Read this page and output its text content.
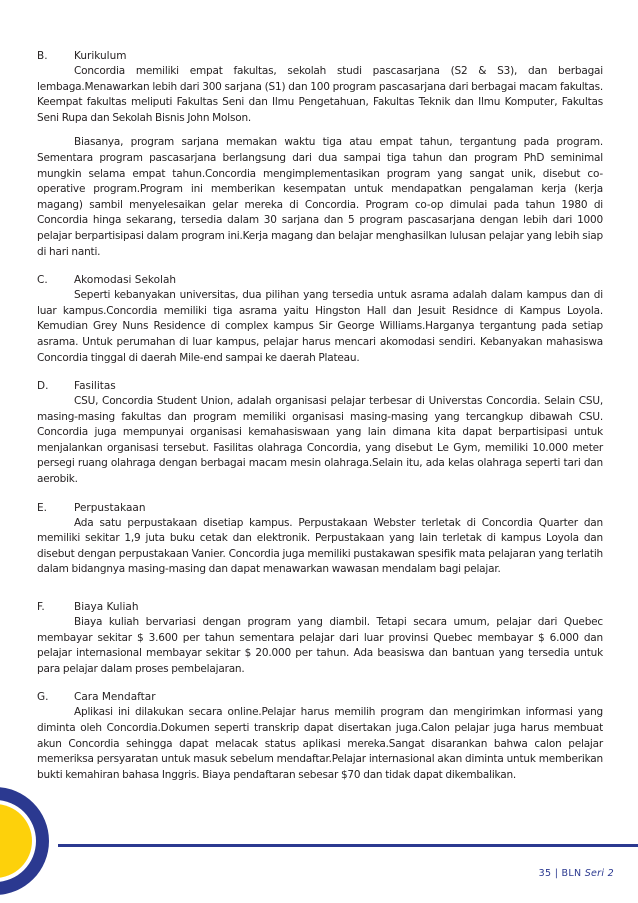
B.	Kurikulum

Concordia memiliki empat fakultas, sekolah studi pascasarjana (S2 & S3), dan berbagai lembaga.Menawarkan lebih dari 300 sarjana (S1) dan 100 program pascasarjana dari berbagai macam fakultas. Keempat fakultas meliputi Fakultas Seni dan Ilmu Pengetahuan, Fakultas Teknik dan Ilmu Komputer, Fakultas Seni Rupa dan Sekolah Bisnis John Molson.

Biasanya, program sarjana memakan waktu tiga atau empat tahun, tergantung pada program. Sementara program pascasarjana berlangsung dari dua sampai tiga tahun dan program PhD seminimal mungkin selama empat tahun.Concordia mengimplementasikan program yang sangat unik, disebut co-operative program.Program ini memberikan kesempatan untuk mendapatkan pengalaman kerja (kerja magang) sambil menyelesaikan gelar mereka di Concordia. Program co-op dimulai pada tahun 1980 di Concordia hinga sekarang, tersedia dalam 30 sarjana dan 5 program pascasarjana dengan lebih dari 1000 pelajar berpartisipasi dalam program ini.Kerja magang dan belajar menghasilkan lulusan pelajar yang lebih siap di hari nanti.

C.	Akomodasi Sekolah

Seperti kebanyakan universitas, dua pilihan yang tersedia untuk asrama adalah dalam kampus dan di luar kampus.Concordia memiliki tiga asrama yaitu Hingston Hall dan Jesuit Residnce di Kampus Loyola. Kemudian Grey Nuns Residence di complex kampus Sir George Williams.Harganya tergantung pada setiap asrama. Untuk perumahan di luar kampus, pelajar harus mencari akomodasi sendiri. Kebanyakan mahasiswa Concordia tinggal di daerah Mile-end sampai ke daerah Plateau.

D.	Fasilitas

CSU, Concordia Student Union, adalah organisasi pelajar terbesar di Universtas Concordia. Selain CSU, masing-masing fakultas dan program memiliki organisasi masing-masing yang tercangkup dibawah CSU. Concordia juga mempunyai organisasi kemahasiswaan yang lain dimana kita dapat berpartisipasi untuk menjalankan organisasi tersebut. Fasilitas olahraga Concordia, yang disebut Le Gym, memiliki 10.000 meter persegi ruang olahraga dengan berbagai macam mesin olahraga.Selain itu, ada kelas olahraga seperti tari dan aerobik.

E.	Perpustakaan

Ada satu perpustakaan disetiap kampus. Perpustakaan Webster terletak di Concordia Quarter dan memiliki sekitar 1,9 juta buku cetak dan elektronik. Perpustakaan yang lain terletak di kampus Loyola dan disebut dengan perpustakaan Vanier. Concordia juga memiliki pustakawan spesifik mata pelajaran yang terlatih dalam bidangnya masing-masing dan dapat menawarkan wawasan mendalam bagi pelajar.

F.	Biaya Kuliah

Biaya kuliah bervariasi dengan program yang diambil. Tetapi secara umum, pelajar dari Quebec membayar sekitar $ 3.600 per tahun sementara pelajar dari luar provinsi Quebec membayar $ 6.000 dan pelajar internasional membayar sekitar $ 20.000 per tahun. Ada beasiswa dan bantuan yang tersedia untuk para pelajar dalam proses pembelajaran.

G.	Cara Mendaftar

Aplikasi ini dilakukan secara online.Pelajar harus memilih program dan mengirimkan informasi yang diminta oleh Concordia.Dokumen seperti transkrip dapat disertakan juga.Calon pelajar juga harus membuat akun Concordia sehingga dapat melacak status aplikasi mereka.Sangat disarankan bahwa calon pelajar memeriksa persyaratan untuk masuk sebelum mendaftar.Pelajar internasional akan diminta untuk memberikan bukti kemahiran bahasa Inggris. Biaya pendaftaran sebesar $70 dan tidak dapat dikembalikan.

35 | BLN Seri 2
